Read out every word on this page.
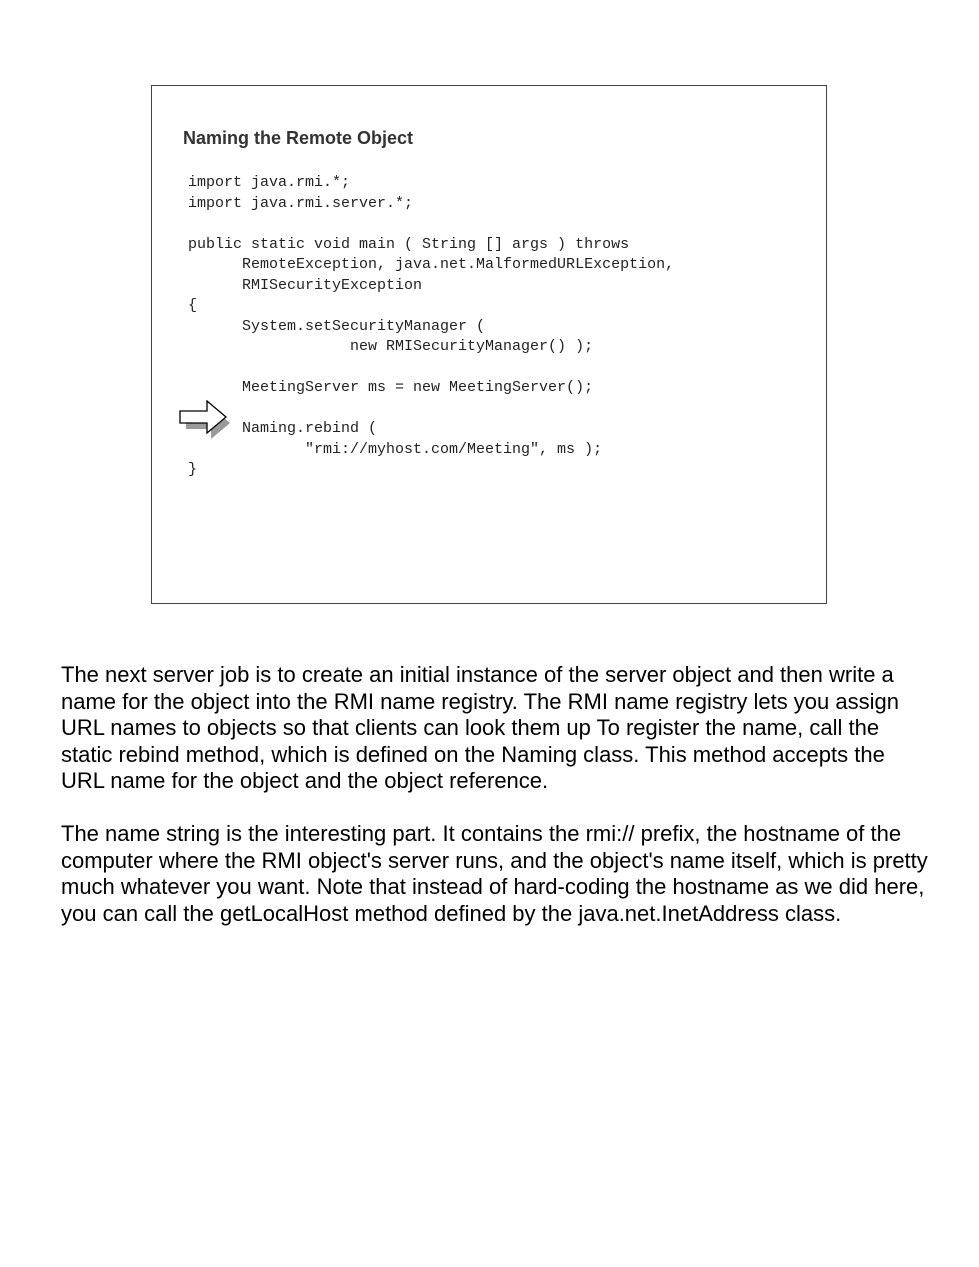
Naming the Remote Object
import java.rmi.*;
import java.rmi.server.*;
public static void main ( String [] args ) throws
RemoteException, java.net.MalformedURLException,
RMISecurityException
{
System.setSecurityManager (
new RMISecurityManager() );
MeetingServer ms = new MeetingServer();
Naming.rebind (
"rmi://myhost.com/Meeting", ms );
}

The next server job is to create an initial instance of the server object and then write a name for the object into the RMI name registry. The RMI name registry lets you assign URL names to objects so that clients can look them up To register the name, call the static rebind method, which is defined on the Naming class. This method accepts the URL name for the object and the object reference.

The name string is the interesting part. It contains the rmi:// prefix, the hostname of the computer where the RMI object's server runs, and the object's name itself, which is pretty much whatever you want. Note that instead of hard-coding the hostname as we did here, you can call the getLocalHost method defined by the java.net.InetAddress class.
